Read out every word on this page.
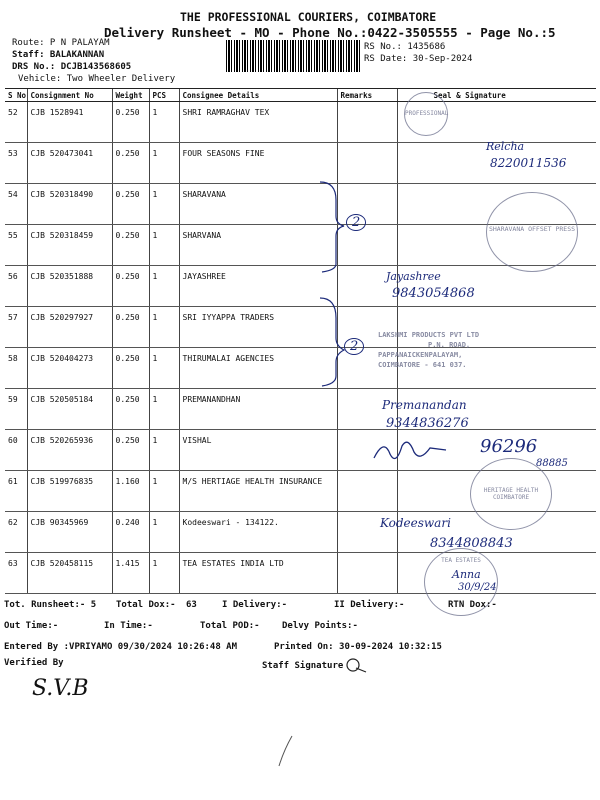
THE PROFESSIONAL COURIERS, COIMBATORE
Delivery Runsheet - MO - Phone No.:0422-3505555 - Page No.:5
Route: P N PALAYAM
Staff: BALAKANNAN
DRS No.: DCJB143568605
Vehicle: Two Wheeler Delivery
RS No.: 1435686
RS Date: 30-Sep-2024
S No	Consignment No	Weight	PCS	Consignee Details	Remarks	Seal & Signature
52	CJB 1528941	0.250	1	SHRI RAMRAGHAV TEX		
53	CJB 520473041	0.250	1	FOUR SEASONS FINE		
54	CJB 520318490	0.250	1	SHARAVANA		
55	CJB 520318459	0.250	1	SHARVANA		
56	CJB 520351888	0.250	1	JAYASHREE		
57	CJB 520297927	0.250	1	SRI IYYAPPA TRADERS		
58	CJB 520404273	0.250	1	THIRUMALAI AGENCIES		
59	CJB 520505184	0.250	1	PREMANANDHAN		
60	CJB 520265936	0.250	1	VISHAL		
61	CJB 519976835	1.160	1	M/S HERTIAGE HEALTH INSURANCE		
62	CJB 90345969	0.240	1	Kodeeswari - 134122.		
63	CJB 520458115	1.415	1	TEA ESTATES INDIA LTD		
2
2
PROFESSIONAL
SHARAVANA OFFSET PRESS
LAKSHMI PRODUCTS PVT LTD
P.N. ROAD,
PAPPANAICKENPALAYAM,
COIMBATORE - 641 037.
HERITAGE HEALTH COIMBATORE
TEA ESTATES
Relcha
8220011536
Jayashree
9843054868
Premanandan
9344836276
96296
88885
Kodeeswari
8344808843
Anna
30/9/24
Tot. Runsheet:- 5 Total Dox:- 63	I Delivery:-	II Delivery:-	RTN Dox:-
Out Time:-	In Time:-	Total POD:- Delvy Points:-
Entered By :VPRIYAMO 09/30/2024 10:26:48 AM	Printed On: 30-09-2024 10:32:15
Verified By	Staff Signature
S.V.B
